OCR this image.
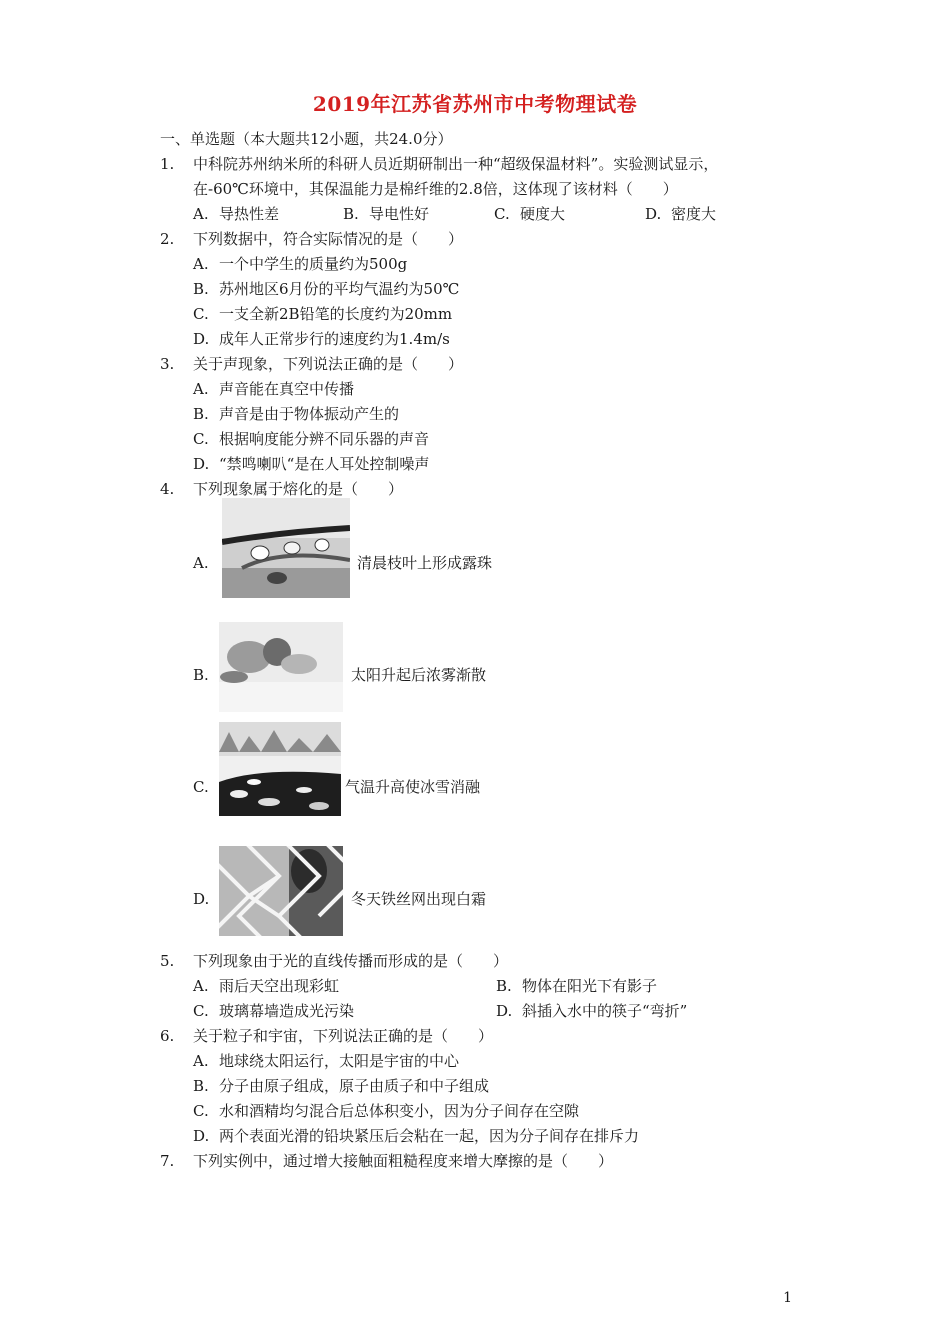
2019年江苏省苏州市中考物理试卷
一、单选题（本大题共12小题，共24.0分）
1. 中科院苏州纳米所的科研人员近期研制出一种“超级保温材料”。实验测试显示，
在-60℃环境中，其保温能力是棉纤维的2.8倍，这体现了该材料（　　）
A. 导热性差	B. 导电性好	C. 硬度大	D. 密度大
2. 下列数据中，符合实际情况的是（　　）
A. 一个中学生的质量约为500g
B. 苏州地区6月份的平均气温约为50℃
C. 一支全新2B铅笔的长度约为20mm
D. 成年人正常步行的速度约为1.4m/s
3. 关于声现象，下列说法正确的是（　　）
A. 声音能在真空中传播
B. 声音是由于物体振动产生的
C. 根据响度能分辨不同乐器的声音
D. “禁鸣喇叭“是在人耳处控制噪声
4. 下列现象属于熔化的是（　　）
A.	清晨枝叶上形成露珠
B.	太阳升起后浓雾渐散
C.	气温升高使冰雪消融
D.	冬天铁丝网出现白霜
5. 下列现象由于光的直线传播而形成的是（　　）
A. 雨后天空出现彩虹	B. 物体在阳光下有影子
C. 玻璃幕墙造成光污染	D. 斜插入水中的筷子“弯折”
6. 关于粒子和宇宙，下列说法正确的是（　　）
A. 地球绕太阳运行，太阳是宇宙的中心
B. 分子由原子组成，原子由质子和中子组成
C. 水和酒精均匀混合后总体积变小，因为分子间存在空隙
D. 两个表面光滑的铅块紧压后会粘在一起，因为分子间存在排斥力
7. 下列实例中，通过增大接触面粗糙程度来增大摩擦的是（　　）
1
